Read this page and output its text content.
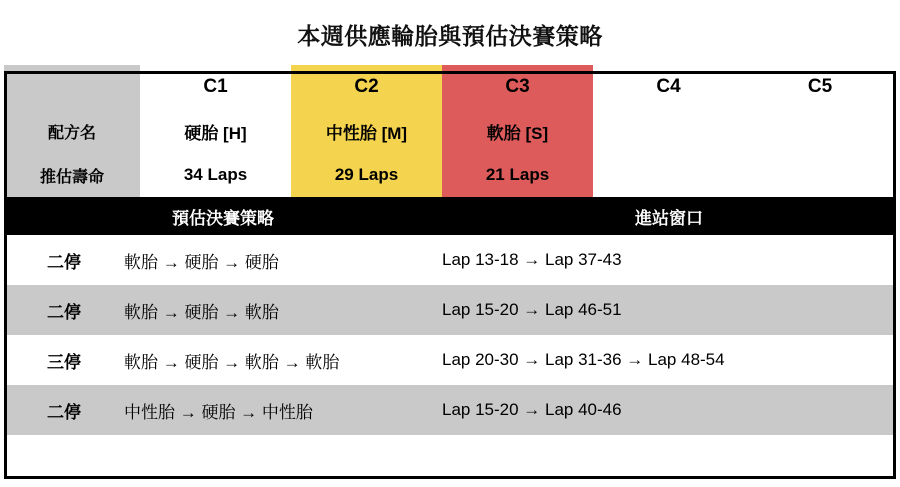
本週供應輪胎與預估決賽策略
	C1	C2	C3	C4	C5
配方名	硬胎 [H]	中性胎 [M]	軟胎 [S]		
推估壽命	34 Laps	29 Laps	21 Laps		
預估決賽策略		進站窗口
二停	軟胎 → 硬胎 → 硬胎	Lap 13-18 → Lap 37-43
二停	軟胎 → 硬胎 → 軟胎	Lap 15-20 → Lap 46-51
三停	軟胎 → 硬胎 → 軟胎 → 軟胎	Lap 20-30 → Lap 31-36 → Lap 48-54
二停	中性胎 → 硬胎 → 中性胎	Lap 15-20 → Lap 40-46
